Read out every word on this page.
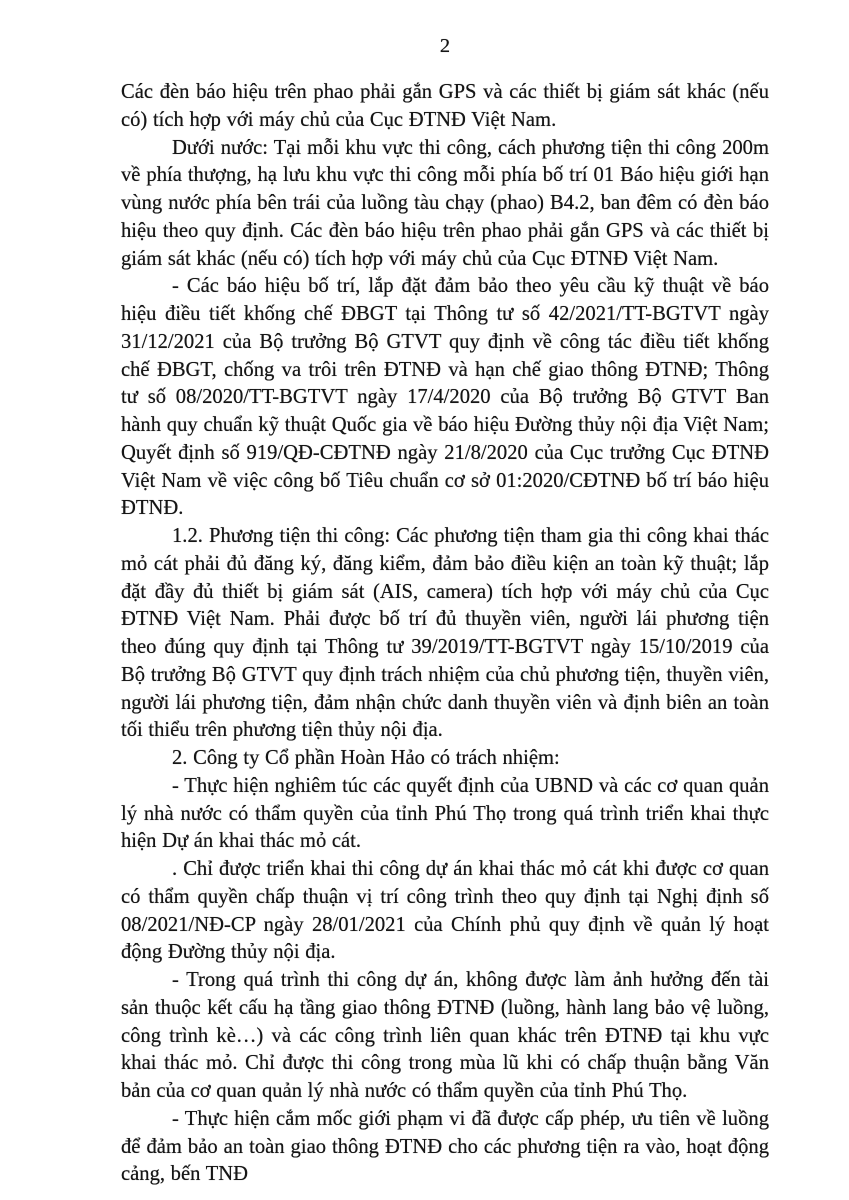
2

Các đèn báo hiệu trên phao phải gắn GPS và các thiết bị giám sát khác (nếu có) tích hợp với máy chủ của Cục ĐTNĐ Việt Nam.

Dưới nước: Tại mỗi khu vực thi công, cách phương tiện thi công 200m về phía thượng, hạ lưu khu vực thi công mỗi phía bố trí 01 Báo hiệu giới hạn vùng nước phía bên trái của luồng tàu chạy (phao) B4.2, ban đêm có đèn báo hiệu theo quy định. Các đèn báo hiệu trên phao phải gắn GPS và các thiết bị giám sát khác (nếu có) tích hợp với máy chủ của Cục ĐTNĐ Việt Nam.

- Các báo hiệu bố trí, lắp đặt đảm bảo theo yêu cầu kỹ thuật về báo hiệu điều tiết khống chế ĐBGT tại Thông tư số 42/2021/TT-BGTVT ngày 31/12/2021 của Bộ trưởng Bộ GTVT quy định về công tác điều tiết khống chế ĐBGT, chống va trôi trên ĐTNĐ và hạn chế giao thông ĐTNĐ; Thông tư số 08/2020/TT-BGTVT ngày 17/4/2020 của Bộ trưởng Bộ GTVT Ban hành quy chuẩn kỹ thuật Quốc gia về báo hiệu Đường thủy nội địa Việt Nam; Quyết định số 919/QĐ-CĐTNĐ ngày 21/8/2020 của Cục trưởng Cục ĐTNĐ Việt Nam về việc công bố Tiêu chuẩn cơ sở 01:2020/CĐTNĐ bố trí báo hiệu ĐTNĐ.

1.2. Phương tiện thi công: Các phương tiện tham gia thi công khai thác mỏ cát phải đủ đăng ký, đăng kiểm, đảm bảo điều kiện an toàn kỹ thuật; lắp đặt đầy đủ thiết bị giám sát (AIS, camera) tích hợp với máy chủ của Cục ĐTNĐ Việt Nam. Phải được bố trí đủ thuyền viên, người lái phương tiện theo đúng quy định tại Thông tư 39/2019/TT-BGTVT ngày 15/10/2019 của Bộ trưởng Bộ GTVT quy định trách nhiệm của chủ phương tiện, thuyền viên, người lái phương tiện, đảm nhận chức danh thuyền viên và định biên an toàn tối thiểu trên phương tiện thủy nội địa.

2. Công ty Cổ phần Hoàn Hảo có trách nhiệm:

- Thực hiện nghiêm túc các quyết định của UBND và các cơ quan quản lý nhà nước có thẩm quyền của tỉnh Phú Thọ trong quá trình triển khai thực hiện Dự án khai thác mỏ cát.

. Chỉ được triển khai thi công dự án khai thác mỏ cát khi được cơ quan có thẩm quyền chấp thuận vị trí công trình theo quy định tại Nghị định số 08/2021/NĐ-CP ngày 28/01/2021 của Chính phủ quy định về quản lý hoạt động Đường thủy nội địa.

- Trong quá trình thi công dự án, không được làm ảnh hưởng đến tài sản thuộc kết cấu hạ tầng giao thông ĐTNĐ (luồng, hành lang bảo vệ luồng, công trình kè…) và các công trình liên quan khác trên ĐTNĐ tại khu vực khai thác mỏ. Chỉ được thi công trong mùa lũ khi có chấp thuận bằng Văn bản của cơ quan quản lý nhà nước có thẩm quyền của tỉnh Phú Thọ.

- Thực hiện cắm mốc giới phạm vi đã được cấp phép, ưu tiên về luồng để đảm bảo an toàn giao thông ĐTNĐ cho các phương tiện ra vào, hoạt động cảng, bến TNĐ
